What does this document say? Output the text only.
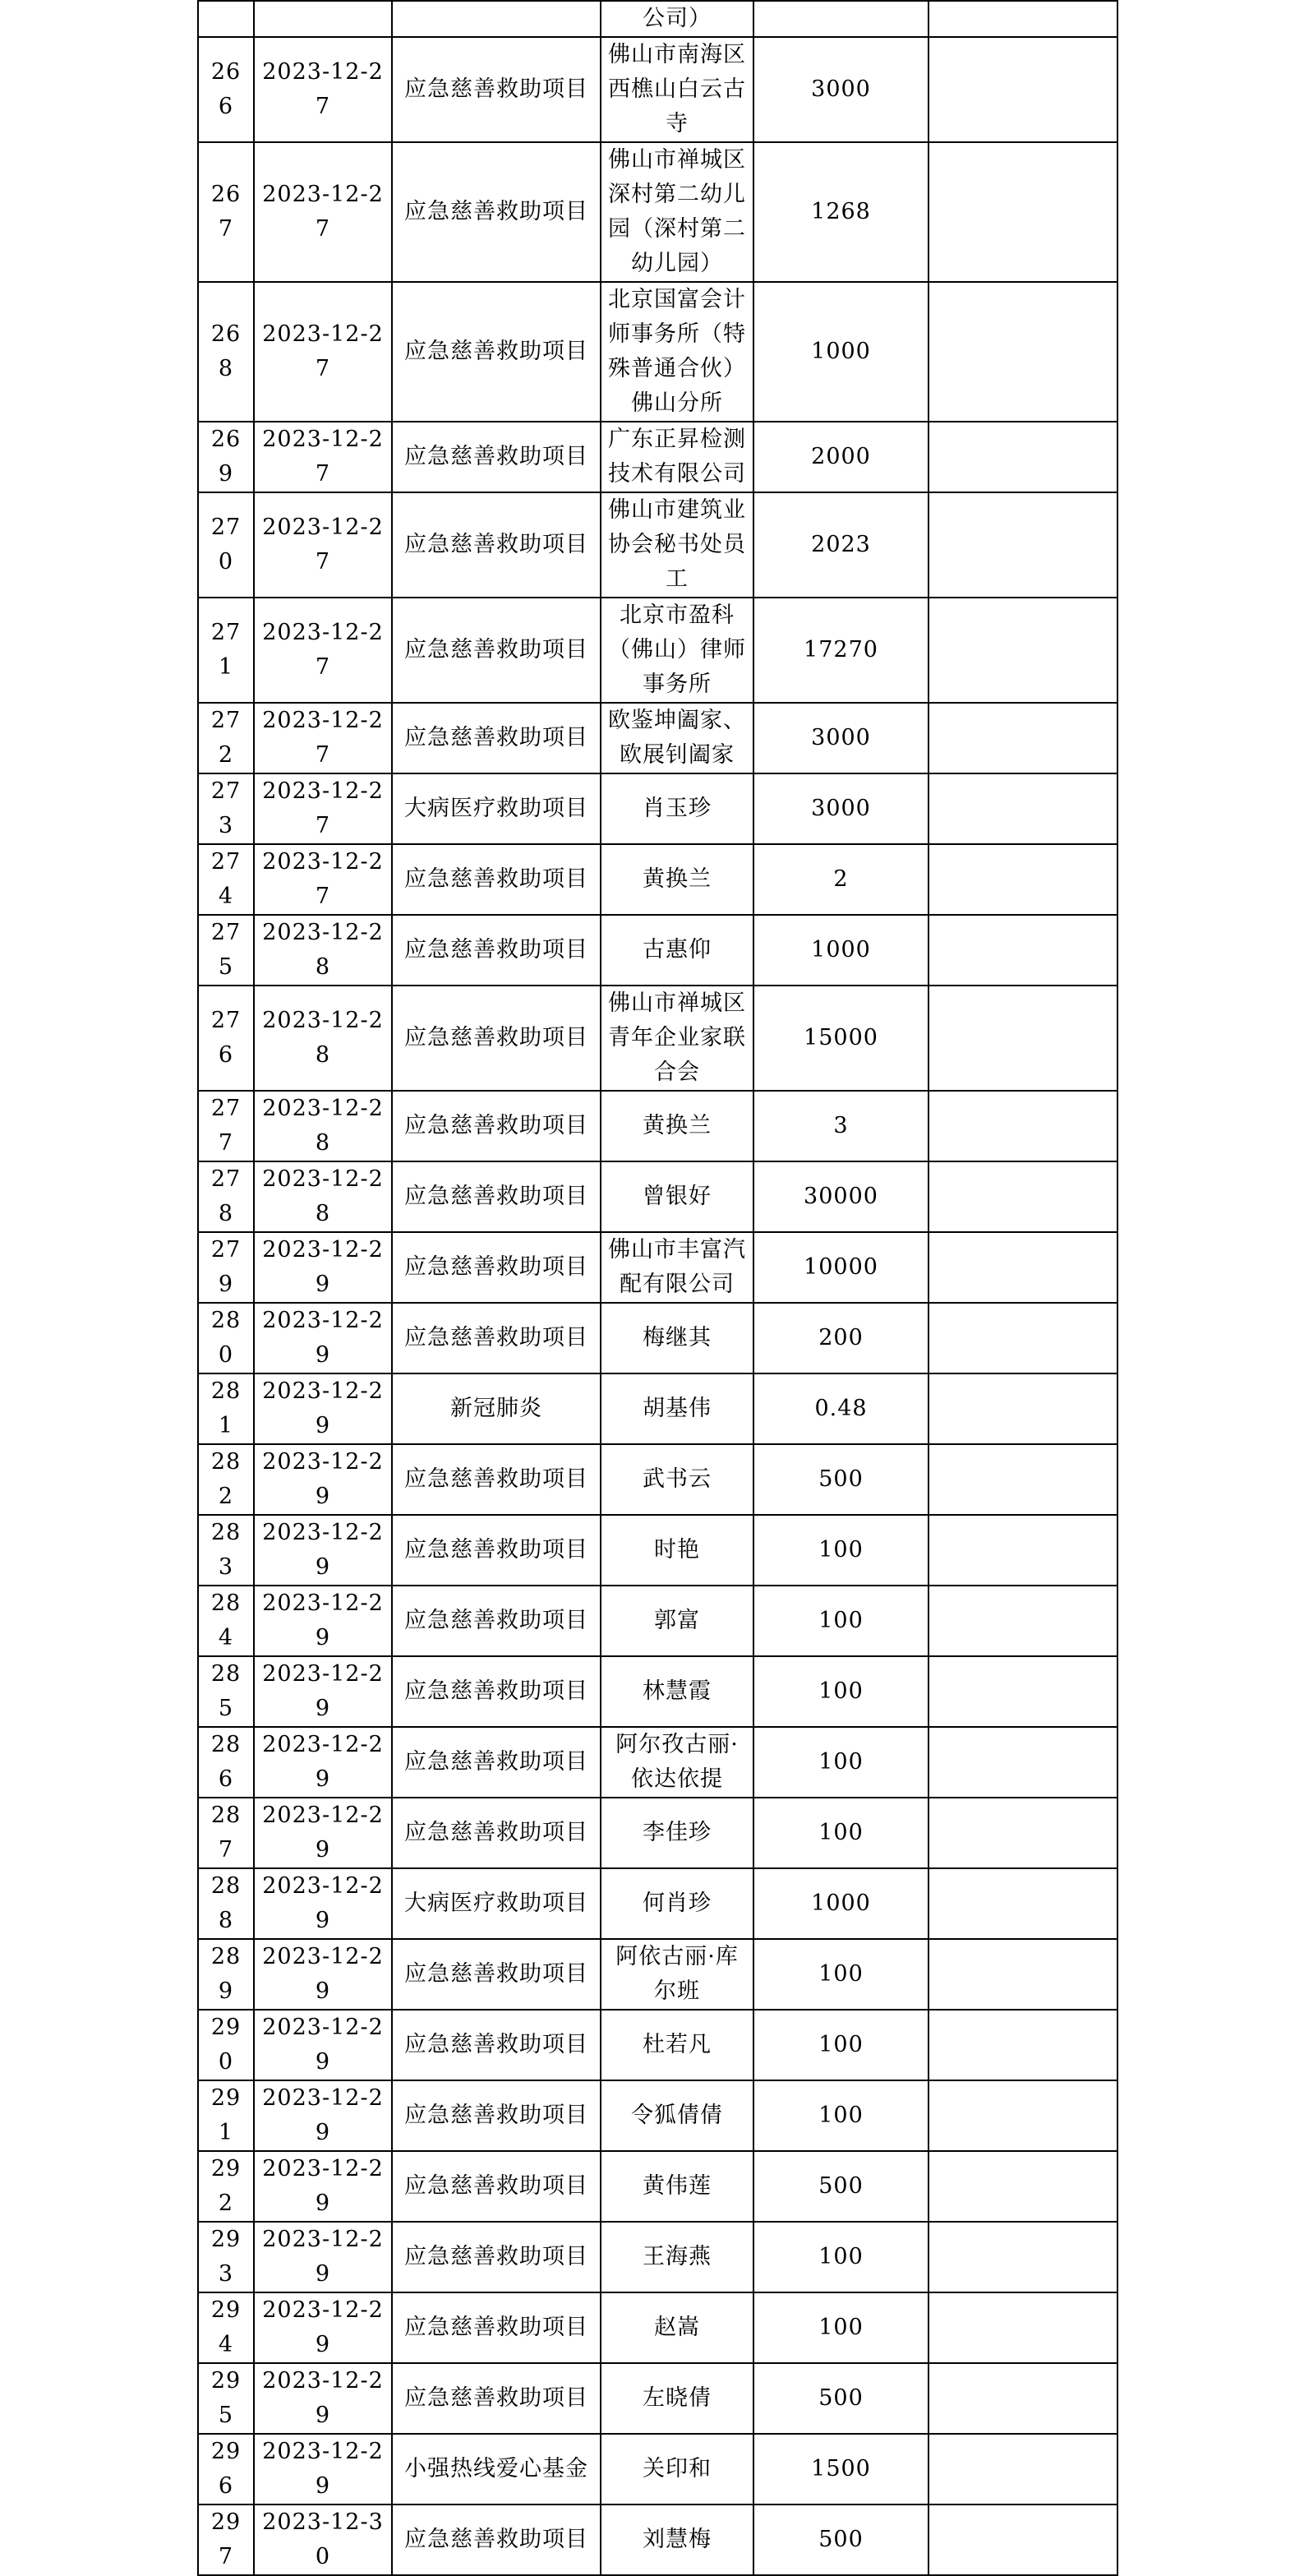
			公司）		
266	2023-12-27	应急慈善救助项目	佛山市南海区西樵山白云古寺	3000	
267	2023-12-27	应急慈善救助项目	佛山市禅城区深村第二幼儿园（深村第二幼儿园）	1268	
268	2023-12-27	应急慈善救助项目	北京国富会计师事务所（特殊普通合伙）佛山分所	1000	
269	2023-12-27	应急慈善救助项目	广东正昇检测技术有限公司	2000	
270	2023-12-27	应急慈善救助项目	佛山市建筑业协会秘书处员工	2023	
271	2023-12-27	应急慈善救助项目	北京市盈科（佛山）律师事务所	17270	
272	2023-12-27	应急慈善救助项目	欧鉴坤阖家、欧展钊阖家	3000	
273	2023-12-27	大病医疗救助项目	肖玉珍	3000	
274	2023-12-27	应急慈善救助项目	黄换兰	2	
275	2023-12-28	应急慈善救助项目	古惠仰	1000	
276	2023-12-28	应急慈善救助项目	佛山市禅城区青年企业家联合会	15000	
277	2023-12-28	应急慈善救助项目	黄换兰	3	
278	2023-12-28	应急慈善救助项目	曾银好	30000	
279	2023-12-29	应急慈善救助项目	佛山市丰富汽配有限公司	10000	
280	2023-12-29	应急慈善救助项目	梅继其	200	
281	2023-12-29	新冠肺炎	胡基伟	0.48	
282	2023-12-29	应急慈善救助项目	武书云	500	
283	2023-12-29	应急慈善救助项目	时艳	100	
284	2023-12-29	应急慈善救助项目	郭富	100	
285	2023-12-29	应急慈善救助项目	林慧霞	100	
286	2023-12-29	应急慈善救助项目	阿尔孜古丽·依达依提	100	
287	2023-12-29	应急慈善救助项目	李佳珍	100	
288	2023-12-29	大病医疗救助项目	何肖珍	1000	
289	2023-12-29	应急慈善救助项目	阿依古丽·库尔班	100	
290	2023-12-29	应急慈善救助项目	杜若凡	100	
291	2023-12-29	应急慈善救助项目	令狐倩倩	100	
292	2023-12-29	应急慈善救助项目	黄伟莲	500	
293	2023-12-29	应急慈善救助项目	王海燕	100	
294	2023-12-29	应急慈善救助项目	赵嵩	100	
295	2023-12-29	应急慈善救助项目	左晓倩	500	
296	2023-12-29	小强热线爱心基金	关印和	1500	
297	2023-12-30	应急慈善救助项目	刘慧梅	500	
